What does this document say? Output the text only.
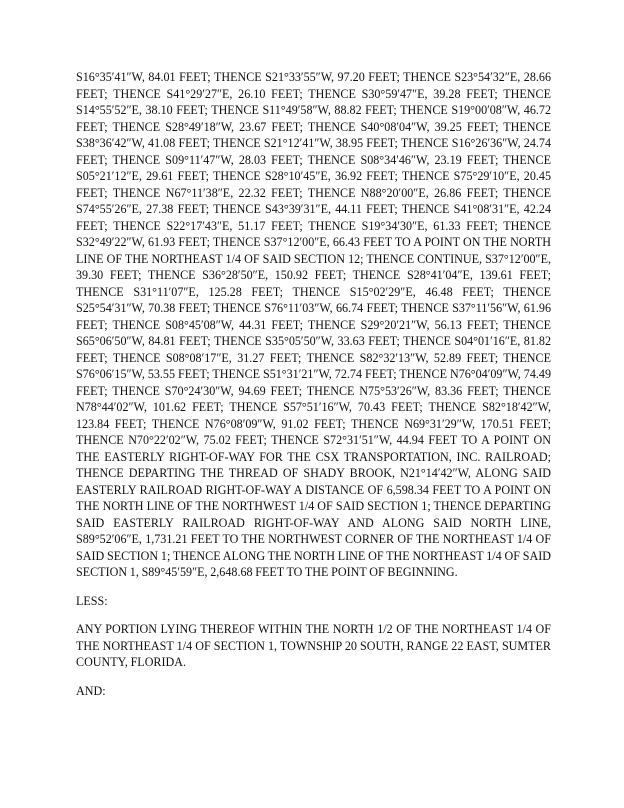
S16°35′41″W, 84.01 FEET; THENCE S21°33′55″W, 97.20 FEET; THENCE S23°54′32″E, 28.66 FEET; THENCE S41°29′27″E, 26.10 FEET; THENCE S30°59′47″E, 39.28 FEET; THENCE S14°55′52″E, 38.10 FEET; THENCE S11°49′58″W, 88.82 FEET; THENCE S19°00′08″W, 46.72 FEET; THENCE S28°49′18″W, 23.67 FEET; THENCE S40°08′04″W, 39.25 FEET; THENCE S38°36′42″W, 41.08 FEET; THENCE S21°12′41″W, 38.95 FEET; THENCE S16°26′36″W, 24.74 FEET; THENCE S09°11′47″W, 28.03 FEET; THENCE S08°34′46″W, 23.19 FEET; THENCE S05°21′12″E, 29.61 FEET; THENCE S28°10′45″E, 36.92 FEET; THENCE S75°29′10″E, 20.45 FEET; THENCE N67°11′38″E, 22.32 FEET; THENCE N88°20′00″E, 26.86 FEET; THENCE S74°55′26″E, 27.38 FEET; THENCE S43°39′31″E, 44.11 FEET; THENCE S41°08′31″E, 42.24 FEET; THENCE S22°17′43″E, 51.17 FEET; THENCE S19°34′30″E, 61.33 FEET; THENCE S32°49′22″W, 61.93 FEET; THENCE S37°12′00″E, 66.43 FEET TO A POINT ON THE NORTH LINE OF THE NORTHEAST 1/4 OF SAID SECTION 12; THENCE CONTINUE, S37°12′00″E, 39.30 FEET; THENCE S36°28′50″E, 150.92 FEET; THENCE S28°41′04″E, 139.61 FEET; THENCE S31°11′07″E, 125.28 FEET; THENCE S15°02′29″E, 46.48 FEET; THENCE S25°54′31″W, 70.38 FEET; THENCE S76°11′03″W, 66.74 FEET; THENCE S37°11′56″W, 61.96 FEET; THENCE S08°45′08″W, 44.31 FEET; THENCE S29°20′21″W, 56.13 FEET; THENCE S65°06′50″W, 84.81 FEET; THENCE S35°05′50″W, 33.63 FEET; THENCE S04°01′16″E, 81.82 FEET; THENCE S08°08′17″E, 31.27 FEET; THENCE S82°32′13″W, 52.89 FEET; THENCE S76°06′15″W, 53.55 FEET; THENCE S51°31′21″W, 72.74 FEET; THENCE N76°04′09″W, 74.49 FEET; THENCE S70°24′30″W, 94.69 FEET; THENCE N75°53′26″W, 83.36 FEET; THENCE N78°44′02″W, 101.62 FEET; THENCE S57°51′16″W, 70.43 FEET; THENCE S82°18′42″W, 123.84 FEET; THENCE N76°08′09″W, 91.02 FEET; THENCE N69°31′29″W, 170.51 FEET; THENCE N70°22′02″W, 75.02 FEET; THENCE S72°31′51″W, 44.94 FEET TO A POINT ON THE EASTERLY RIGHT-OF-WAY FOR THE CSX TRANSPORTATION, INC. RAILROAD; THENCE DEPARTING THE THREAD OF SHADY BROOK, N21°14′42″W, ALONG SAID EASTERLY RAILROAD RIGHT-OF-WAY A DISTANCE OF 6,598.34 FEET TO A POINT ON THE NORTH LINE OF THE NORTHWEST 1/4 OF SAID SECTION 1; THENCE DEPARTING SAID EASTERLY RAILROAD RIGHT-OF-WAY AND ALONG SAID NORTH LINE, S89°52′06″E, 1,731.21 FEET TO THE NORTHWEST CORNER OF THE NORTHEAST 1/4 OF SAID SECTION 1; THENCE ALONG THE NORTH LINE OF THE NORTHEAST 1/4 OF SAID SECTION 1, S89°45′59″E, 2,648.68 FEET TO THE POINT OF BEGINNING.

LESS:

ANY PORTION LYING THEREOF WITHIN THE NORTH 1/2 OF THE NORTHEAST 1/4 OF THE NORTHEAST 1/4 OF SECTION 1, TOWNSHIP 20 SOUTH, RANGE 22 EAST, SUMTER COUNTY, FLORIDA.

AND:
